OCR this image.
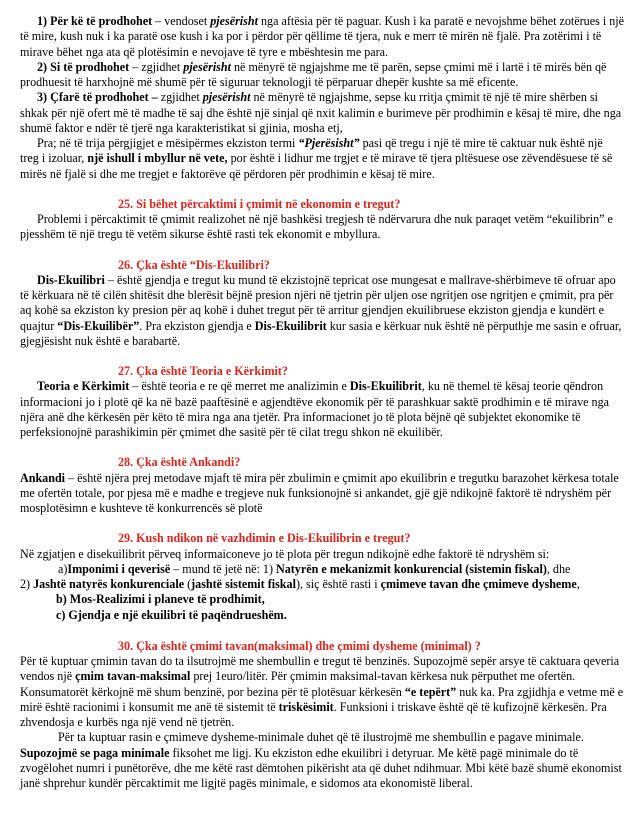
1) Për kë të prodhohet – vendoset pjesërisht nga aftësia për të paguar. Kush i ka paratë e nevojshme bëhet zotërues i një të mire, kush nuk i ka paratë ose kush i ka por i përdor për qëllime të tjera, nuk e merr të mirën në fjalë. Pra zotërimi i të mirave bëhet nga ata që plotësimin e nevojave të tyre e mbështesin me para.

2) Si të prodhohet – zgjidhet pjesërisht në mënyrë të ngjajshme me të parën, sepse çmimi më i lartë i të mirës bën që prodhuesit të harxhojnë më shumë për të siguruar teknologji të përparuar dhepër kushte sa më eficente.

3) Çfarë të prodhohet – zgjidhet pjesërisht në mënyrë të ngjajshme, sepse ku rritja çmimit të një të mire shërben si shkak për një ofert më të madhe të saj dhe është një sinjal që nxit kalimin e burimeve për prodhimin e kësaj të mire, dhe nga shumë faktor e ndër të tjerë nga karakteristikat si gjinia, mosha etj,

Pra; në të trija përgjigjet e mësipërmes ekziston termi “Pjerësisht” pasi që tregu i një të mire të caktuar nuk është një treg i izoluar, një ishull i mbyllur në vete, por është i lidhur me trgjet e të mirave të tjera pltësuese ose zëvendësuese të së mirës në fjalë si dhe me tregjet e faktorëve që përdoren për prodhimin e kësaj të mire.

25. Si bëhet përcaktimi i çmimit në ekonomin e tregut?

Problemi i përcaktimit të çmimit realizohet në një bashkësi tregjesh të ndërvarura dhe nuk paraqet vetëm “ekuilibrin” e pjesshëm të një tregu të vetëm sikurse është rasti tek ekonomit e mbyllura.

26. Çka është “Dis-Ekuilibri?

Dis-Ekuilibri – është gjendja e tregut ku mund të ekzistojnë tepricat ose mungesat e mallrave-shërbimeve të ofruar apo të kërkuara në të cilën shitësit dhe blerësit bëjnë presion njëri në tjetrin për uljen ose ngritjen ose ngritjen e çmimit, pra për aq kohë sa ekziston ky presion për aq kohë i duhet tregut për të arritur gjendjen ekuilibruese ekziston gjendja e kundërt e quajtur “Dis-Ekuilibër”. Pra ekziston gjendja e Dis-Ekuilibrit kur sasia e kërkuar nuk është në përputhje me sasin e ofruar, gjegjësisht nuk është e barabartë.

27. Çka është Teoria e Kërkimit?

Teoria e Kërkimit – është teoria e re që merret me analizimin e Dis-Ekuilibrit, ku në themel të kësaj teorie qëndron informacioni jo i plotë që ka në bazë paaftësinë e agjendtëve ekonomik për të parashkuar saktë prodhimin e të mirave nga njëra anë dhe kërkesën për këto të mira nga ana tjetër. Pra informacionet jo të plota bëjnë që subjektet ekonomike të perfeksionojnë parashikimin për çmimet dhe sasitë për të cilat tregu shkon në ekuilibër.

28. Çka është Ankandi?

Ankandi – është njëra prej metodave mjaft të mira për zbulimin e çmimit apo ekuilibrin e tregutku barazohet kërkesa totale me ofertën totale, por pjesa më e madhe e tregjeve nuk funksionojnë si ankandet, gjë gjë ndikojnë faktorë të ndryshëm për mosplotësimn e kushteve të konkurrencës së plotë

29. Kush ndikon në vazhdimin e Dis-Ekuilibrin e tregut?

Në zgjatjen e disekuilibrit përveq informaiconeve jo të plota për tregun ndikojnë edhe faktorë të ndryshëm si:

a)Imponimi i qeverisë – mund të jetë në: 1) Natyrën e mekanizmit konkurencial (sistemin fiskal), dhe

2) Jashtë natyrës konkurenciale (jashtë sistemit fiskal), siç është rasti i çmimeve tavan dhe çmimeve dysheme,

b) Mos-Realizimi i planeve të prodhimit,

c) Gjendja e një ekuilibri të paqëndrueshëm.

30. Çka është çmimi tavan(maksimal) dhe çmimi dysheme (minimal) ?

Për të kuptuar çmimin tavan do ta ilsutrojmë me shembullin e tregut të benzinës. Supozojmë sepër arsye të caktuara qeveria vendos një çmim tavan-maksimal prej 1euro/litër. Për çmimin maksimal-tavan kërkesa nuk përputhet me ofertën. Konsumatorët kërkojnë më shum benzinë, por bezina për të plotësuar kërkesën “e tepërt” nuk ka. Pra zgjidhja e vetme më e mirë është racionimi i konsumit me anë të sistemit të triskësimit. Funksioni i triskave është që të kufizojnë kërkesën. Pra zhvendosja e kurbës nga një vend në tjetrën.

Për ta kuptuar rasin e çmimeve dysheme-minimale duhet që të ilustrojmë me shembullin e pagave minimale. Supozojmë se paga minimale fiksohet me ligj. Ku ekziston edhe ekuilibri i detyruar. Me këtë pagë minimale do të zvogëlohet numri i punëtorëve, dhe me këtë rast dëmtohen pikërisht ata që duhet ndihmuar. Mbi këtë bazë shumë ekonomist janë shprehur kundër përcaktimit me ligjtë pagës minimale, e sidomos ata ekonomistë liberal.
